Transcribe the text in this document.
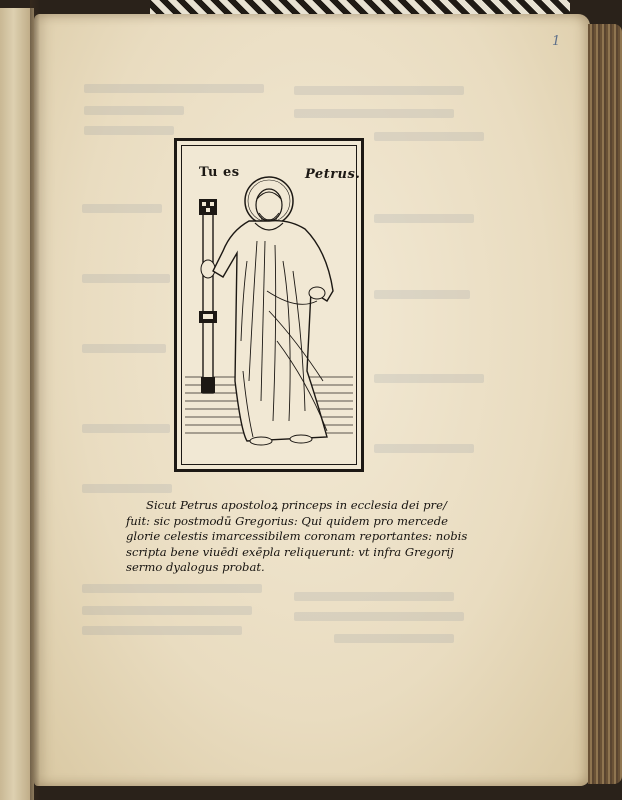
1
Tu es	Petrus.

Sicut Petrus apostoloꝝ princeps in ecclesia dei pre/

fuit: sic postmodū Gregorius: Qui quidem pro mercede

glorie celestis imarcessibilem coronam reportantes: nobis

scripta bene viuēdi exēpla reliquerunt: vt infra Gregorij

sermo dyalogus probat.
